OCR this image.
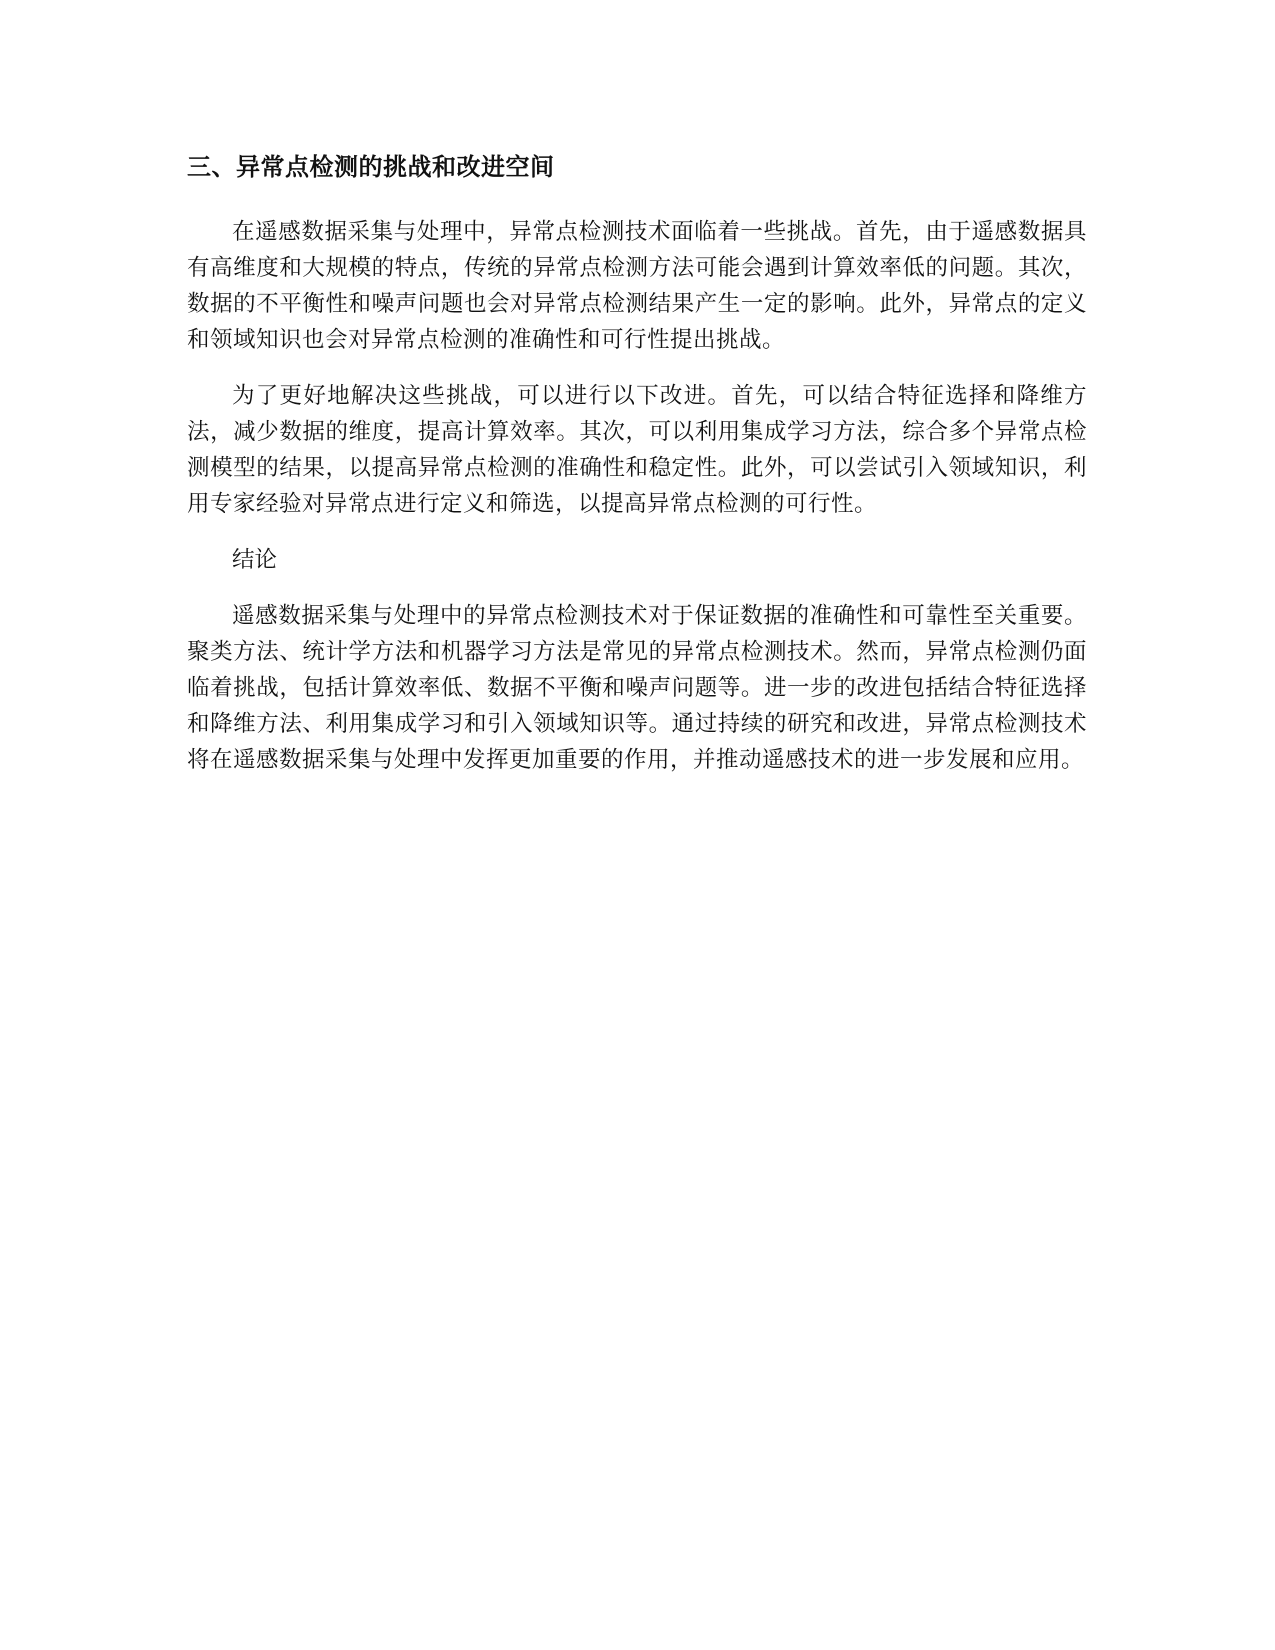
三、异常点检测的挑战和改进空间

在遥感数据采集与处理中，异常点检测技术面临着一些挑战。首先，由于遥感数据具有高维度和大规模的特点，传统的异常点检测方法可能会遇到计算效率低的问题。其次，数据的不平衡性和噪声问题也会对异常点检测结果产生一定的影响。此外，异常点的定义和领域知识也会对异常点检测的准确性和可行性提出挑战。

为了更好地解决这些挑战，可以进行以下改进。首先，可以结合特征选择和降维方法，减少数据的维度，提高计算效率。其次，可以利用集成学习方法，综合多个异常点检测模型的结果，以提高异常点检测的准确性和稳定性。此外，可以尝试引入领域知识，利用专家经验对异常点进行定义和筛选，以提高异常点检测的可行性。

结论

遥感数据采集与处理中的异常点检测技术对于保证数据的准确性和可靠性至关重要。聚类方法、统计学方法和机器学习方法是常见的异常点检测技术。然而，异常点检测仍面临着挑战，包括计算效率低、数据不平衡和噪声问题等。进一步的改进包括结合特征选择和降维方法、利用集成学习和引入领域知识等。通过持续的研究和改进，异常点检测技术将在遥感数据采集与处理中发挥更加重要的作用，并推动遥感技术的进一步发展和应用。
